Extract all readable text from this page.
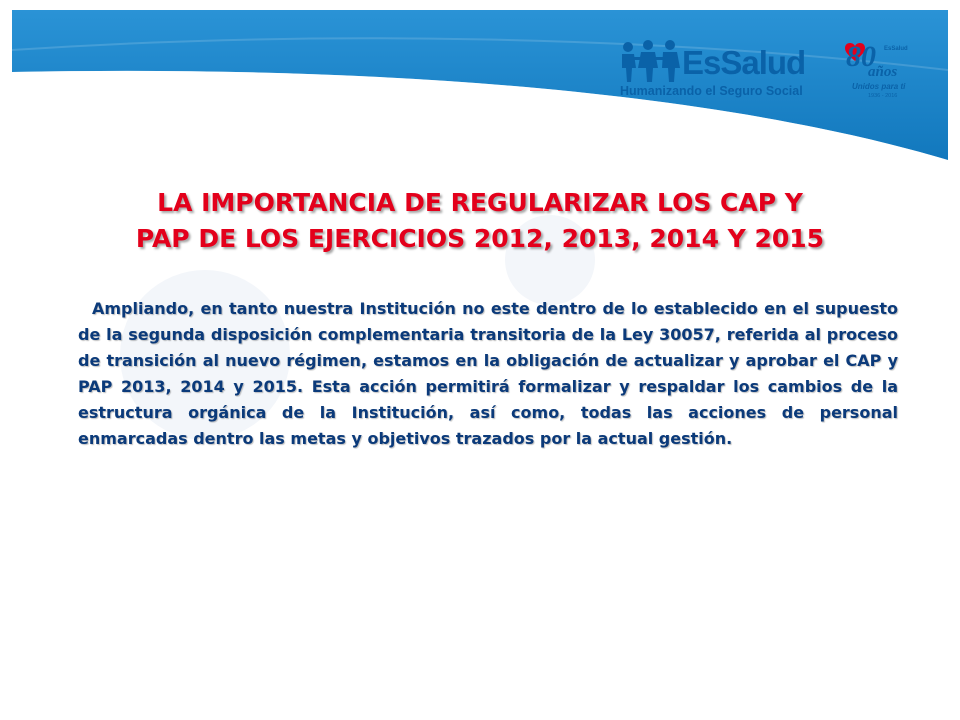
EsSalud
Humanizando el Seguro Social
80 EsSalud
años
Unidos para ti
1936 - 2016
LA IMPORTANCIA DE REGULARIZAR LOS CAP Y
PAP DE LOS EJERCICIOS 2012, 2013, 2014 Y 2015

Ampliando, en tanto nuestra Institución no este dentro de lo establecido en el supuesto de la segunda disposición complementaria transitoria de la Ley 30057, referida al proceso de transición al nuevo régimen, estamos en la obligación de actualizar y aprobar el CAP y PAP 2013, 2014 y 2015. Esta acción permitirá formalizar y respaldar los cambios de la estructura orgánica de la Institución, así como, todas las acciones de personal enmarcadas dentro las metas y objetivos trazados por la actual gestión.
